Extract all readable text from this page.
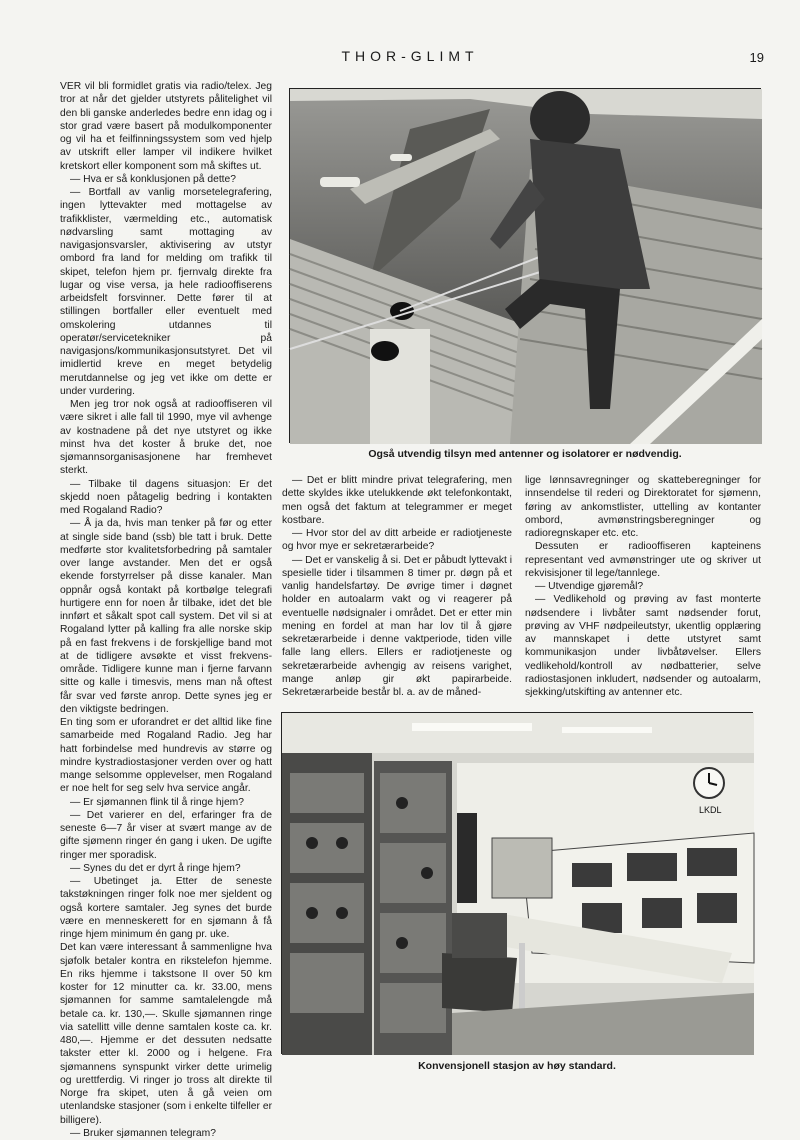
THOR-GLIMT	19

VER vil bli formidlet gratis via radio/telex. Jeg tror at når det gjelder utstyrets pålitelighet vil den bli ganske anderledes bedre enn idag og i stor grad være basert på modulkomponenter og vil ha et feilfinningssystem som ved hjelp av utskrift eller lamper vil indikere hvilket kretskort eller komponent som må skiftes ut.

— Hva er så konklusjonen på dette?

— Bortfall av vanlig morsetelegrafering, ingen lyttevakter med mottagelse av trafikklister, værmelding etc., automatisk nødvarsling samt mottaging av navigasjonsvarsler, aktivisering av utstyr ombord fra land for melding om trafikk til skipet, telefon hjem pr. fjernvalg direkte fra lugar og vise versa, ja hele radiooffiserens arbeidsfelt forsvinner. Dette fører til at stillingen bortfaller eller eventuelt med omskolering utdannes til operatør/servicetekniker på navigasjons/kommunikasjonsutstyret. Det vil imidlertid kreve en meget betydelig merutdannelse og jeg vet ikke om dette er under vurdering.

Men jeg tror nok også at radiooffiseren vil være sikret i alle fall til 1990, mye vil avhenge av kostnadene på det nye utstyret og ikke minst hva det koster å bruke det, noe sjømannsorganisasjonene har fremhevet sterkt.

— Tilbake til dagens situasjon: Er det skjedd noen påtagelig bedring i kontakten med Rogaland Radio?

— Å ja da, hvis man tenker på før og etter at single side band (ssb) ble tatt i bruk. Dette medførte stor kvalitetsforbedring på samtaler over lange avstander. Men det er også ekende forstyrrelser på disse kanaler. Man oppnår også kontakt på kortbølge telegrafi hurtigere enn for noen år tilbake, idet det ble innført et såkalt spot call system. Det vil si at Rogaland lytter på kalling fra alle norske skip på en fast frekvens i de forskjellige band mot at de tidligere avsøkte et visst frekvens-område. Tidligere kunne man i fjerne farvann sitte og kalle i timesvis, mens man nå oftest får svar ved første anrop. Dette synes jeg er den viktigste bedringen.

En ting som er uforandret er det alltid like fine samarbeide med Rogaland Radio. Jeg har hatt forbindelse med hundrevis av større og mindre kystradiostasjoner verden over og hatt mange selsomme opplevelser, men Rogaland er noe helt for seg selv hva service angår.

— Er sjømannen flink til å ringe hjem?

— Det varierer en del, erfaringer fra de seneste 6—7 år viser at svært mange av de gifte sjømenn ringer én gang i uken. De ugifte ringer mer sporadisk.

— Synes du det er dyrt å ringe hjem?

— Ubetinget ja. Etter de seneste takstøkningen ringer folk noe mer sjeldent og også kortere samtaler. Jeg synes det burde være en menneskerett for en sjømann å få ringe hjem minimum én gang pr. uke.

Det kan være interessant å sammenligne hva sjøfolk betaler kontra en rikstelefon hjemme. En riks hjemme i takstsone II over 50 km koster for 12 minutter ca. kr. 33.00, mens sjømannen for samme samtalelengde må betale ca. kr. 130,—. Skulle sjømannen ringe via satellitt ville denne samtalen koste ca. kr. 480,—. Hjemme er det dessuten nedsatte takster etter kl. 2000 og i helgene. Fra sjømannens synspunkt virker dette urimelig og urettferdig. Vi ringer jo tross alt direkte til Norge fra skipet, uten å gå veien om utenlandske stasjoner (som i enkelte tilfeller er billigere).

— Bruker sjømannen telegram?

Også utvendig tilsyn med antenner og isolatorer er nødvendig.

— Det er blitt mindre privat telegrafering, men dette skyldes ikke utelukkende økt telefonkontakt, men også det faktum at telegrammer er meget kostbare.

— Hvor stor del av ditt arbeide er radiotjeneste og hvor mye er sekretærarbeide?

— Det er vanskelig å si. Det er påbudt lyttevakt i spesielle tider i tilsammen 8 timer pr. døgn på et vanlig handelsfartøy. De øvrige timer i døgnet holder en autoalarm vakt og vi reagerer på eventuelle nødsignaler i området. Det er etter min mening en fordel at man har lov til å gjøre sekretærarbeide i denne vaktperiode, tiden ville falle lang ellers. Ellers er radiotjeneste og sekretærarbeide avhengig av reisens varighet, mange anløp gir økt papirarbeide. Sekretærarbeide består bl. a. av de måned-

lige lønnsavregninger og skatteberegninger for innsendelse til rederi og Direktoratet for sjømenn, føring av ankomstlister, uttelling av kontanter ombord, avmønstringsberegninger og radioregnskaper etc. etc.

Dessuten er radiooffiseren kapteinens representant ved avmønstringer ute og skriver ut rekvisisjoner til lege/tannlege.

— Utvendige gjøremål?

— Vedlikehold og prøving av fast monterte nødsendere i livbåter samt nødsender forut, prøving av VHF nødpeileutstyr, ukentlig opplæring av mannskapet i dette utstyret samt kommunikasjon under livbåtøvelser. Ellers vedlikehold/kontroll av nødbatterier, selve radiostasjonen inkludert, nødsender og autoalarm, sjekking/utskifting av antenner etc.

LKDL
Konvensjonell stasjon av høy standard.
